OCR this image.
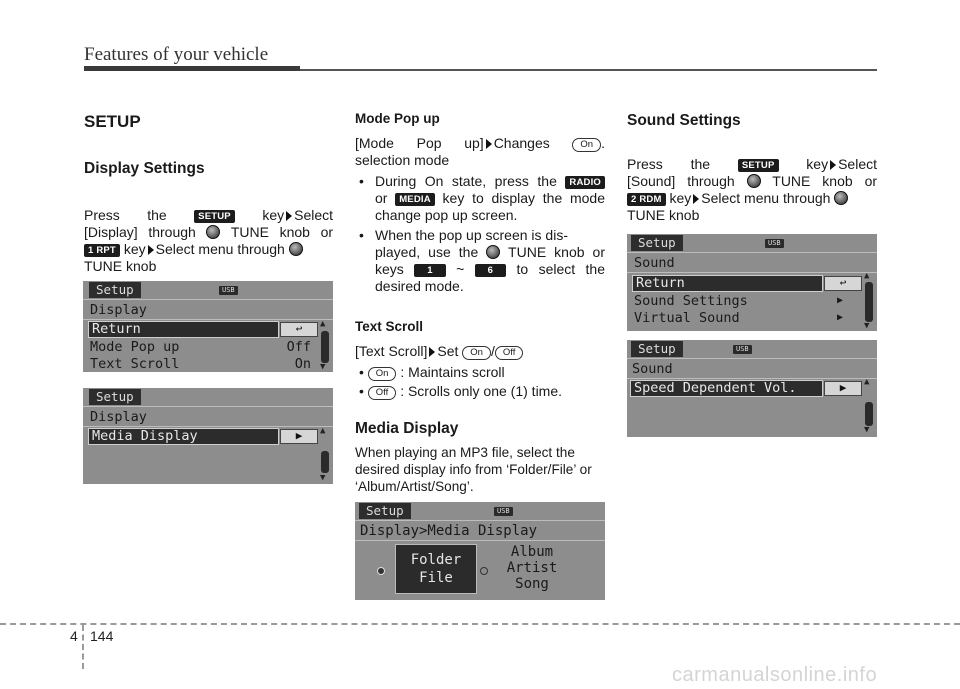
Features of your vehicle
SETUP
Display Settings
Press the	SETUP key Select
[Display] through	TUNE knob or
1 RPT key Select menu through
TUNE knob
Setup	USB
Display
Return	↩
Mode Pop up	Off
Text Scroll	On
▲
▼
Setup
Display
Media Display	▶	▲
▼
Mode Pop up
[Mode Pop up] Changes	On .
selection mode
• During On state, press the RADIO
or MEDIA key to display the mode
change pop up screen.
• When the pop up screen is dis-
played, use the TUNE knob or
keys 1 ~ 6 to select the
desired mode.
Text Scroll
[Text Scroll] Set On / Off
• On : Maintains scroll
• Off : Scrolls only one (1) time.
Media Display
When playing an MP3 file, select the desired display info from ‘Folder/File’ or ‘Album/Artist/Song’.
Setup	USB
Display>Media Display
Folder
File
Album
Artist
Song
Sound Settings
Press the	SETUP key Select
[Sound] through	TUNE knob or
2 RDM key Select menu through
TUNE knob
Setup	USB
Sound
Return	↩
Sound Settings	▶
Virtual Sound	▶
▲
▼
Setup	USB
Sound
Speed Dependent Vol.	▶	▲
▼
4 144
carmanualsonline.info
